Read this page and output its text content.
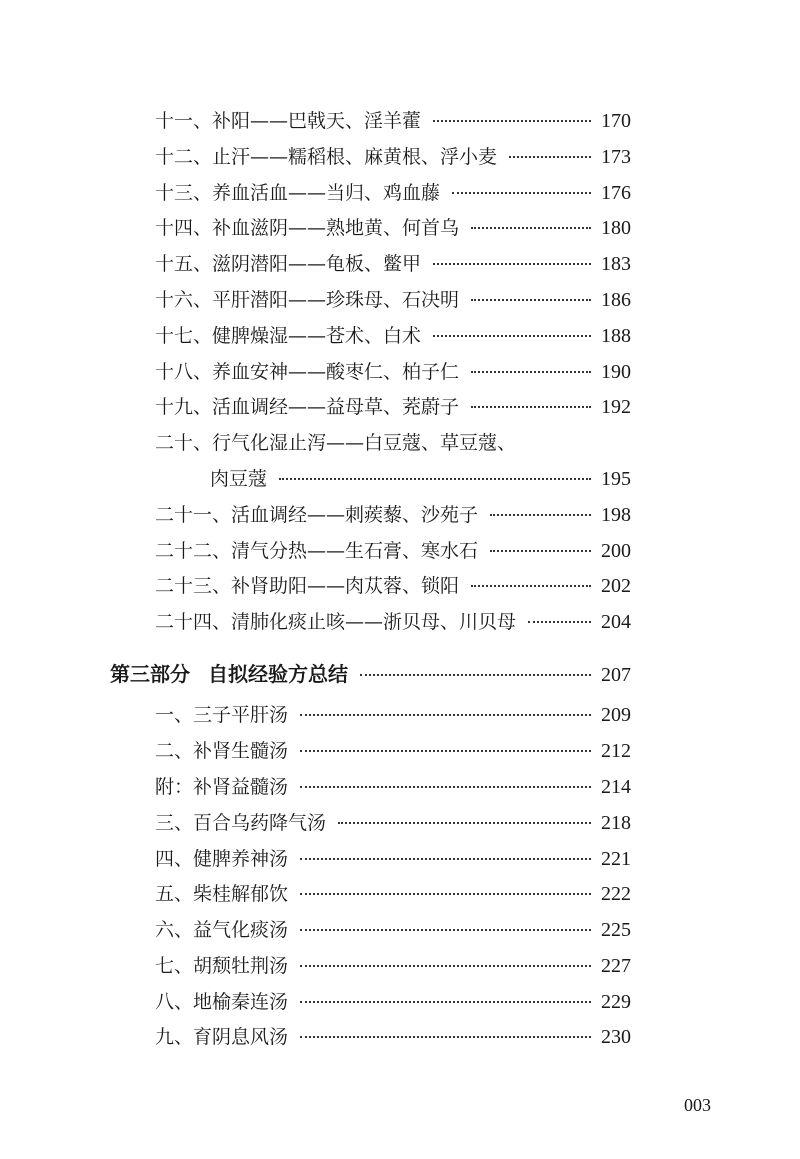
十一、补阳——巴戟天、淫羊藿	170
十二、止汗——糯稻根、麻黄根、浮小麦	173
十三、养血活血——当归、鸡血藤	176
十四、补血滋阴——熟地黄、何首乌	180
十五、滋阴潜阳——龟板、鳖甲	183
十六、平肝潜阳——珍珠母、石决明	186
十七、健脾燥湿——苍术、白术	188
十八、养血安神——酸枣仁、柏子仁	190
十九、活血调经——益母草、茺蔚子	192
二十、行气化湿止泻——白豆蔻、草豆蔻、
肉豆蔻	195
二十一、活血调经——刺蒺藜、沙苑子	198
二十二、清气分热——生石膏、寒水石	200
二十三、补肾助阳——肉苁蓉、锁阳	202
二十四、清肺化痰止咳——浙贝母、川贝母	204
第三部分 自拟经验方总结	207
一、三子平肝汤	209
二、补肾生髓汤	212
附：补肾益髓汤	214
三、百合乌药降气汤	218
四、健脾养神汤	221
五、柴桂解郁饮	222
六、益气化痰汤	225
七、胡颓牡荆汤	227
八、地榆秦连汤	229
九、育阴息风汤	230
003
